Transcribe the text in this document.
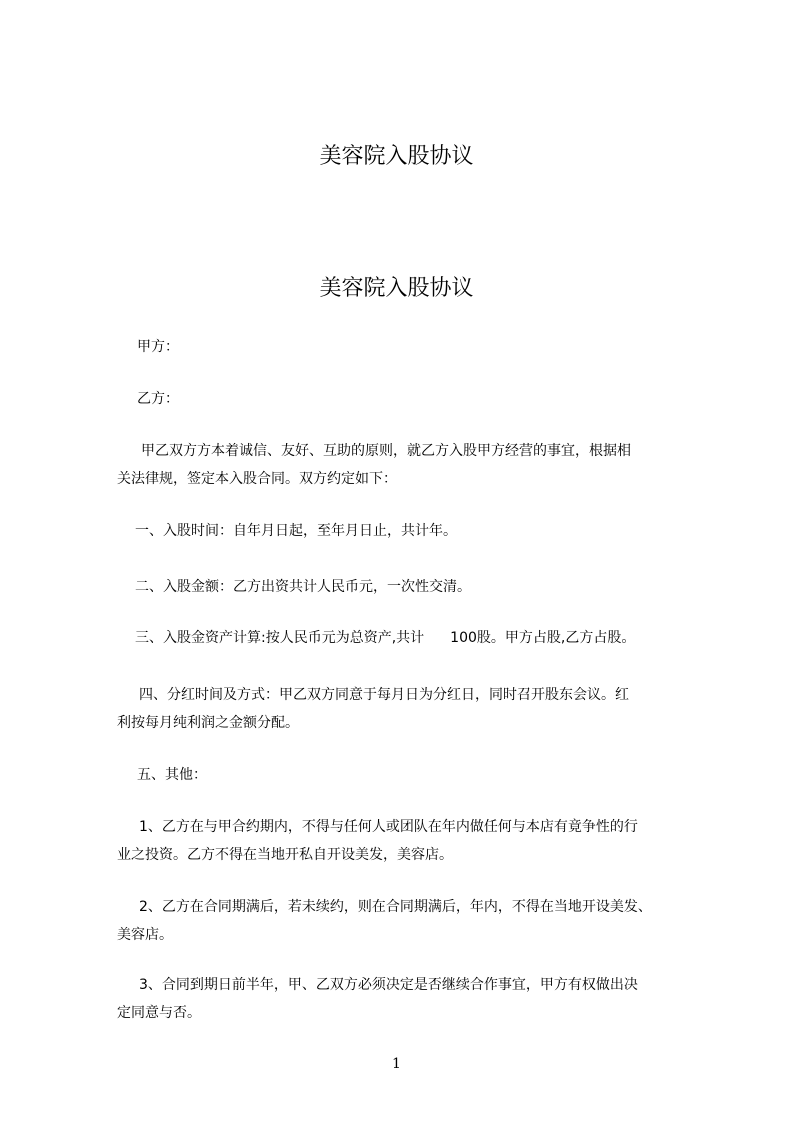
美容院入股协议
美容院入股协议
甲方：
乙方：
甲乙双方方本着诚信、友好、互助的原则，就乙方入股甲方经营的事宜，根据相
关法律规，签定本入股合同。双方约定如下：
一、入股时间：自年月日起，至年月日止，共计年。
二、入股金额：乙方出资共计人民币元，一次性交清。
三、入股金资产计算:按人民币元为总资产,共计 100股。甲方占股,乙方占股。
四、分红时间及方式：甲乙双方同意于每月日为分红日，同时召开股东会议。红
利按每月纯利润之金额分配。
五、其他：
1、乙方在与甲合约期内，不得与任何人或团队在年内做任何与本店有竟争性的行
业之投资。乙方不得在当地开私自开设美发，美容店。
2、乙方在合同期满后，若未续约，则在合同期满后，年内，不得在当地开设美发、
美容店。
3、合同到期日前半年，甲、乙双方必须决定是否继续合作事宜，甲方有权做出决
定同意与否。
1
